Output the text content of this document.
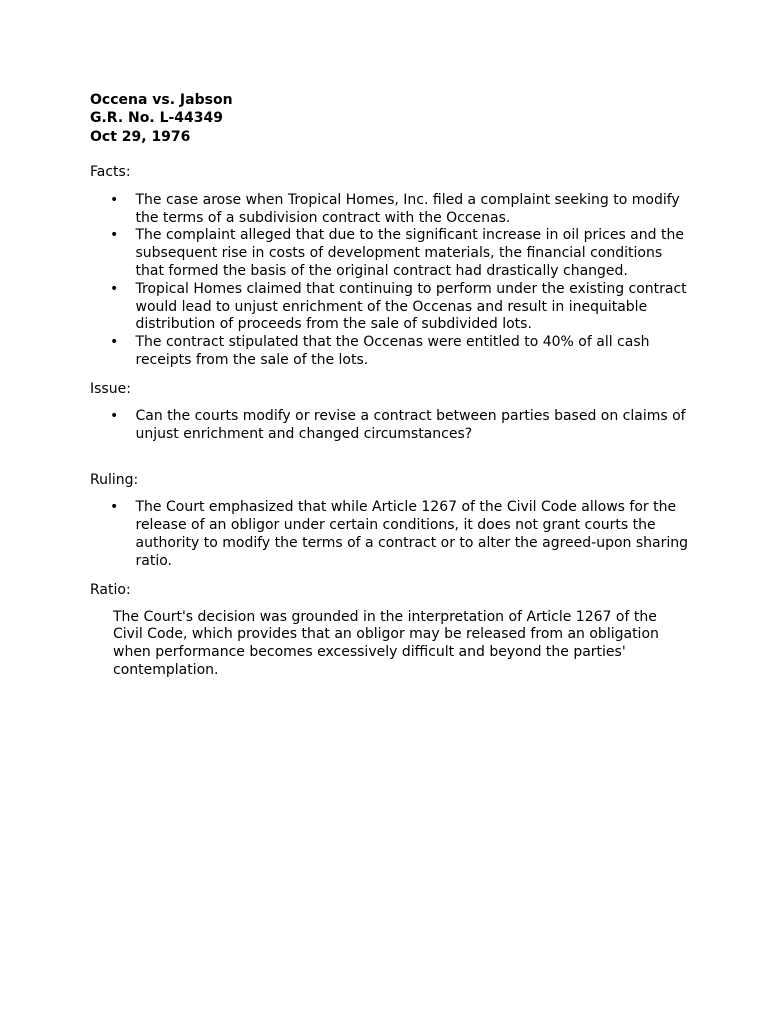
Occena vs. Jabson
G.R. No. L-44349
Oct 29, 1976
Facts:
• The case arose when Tropical Homes, Inc. filed a complaint seeking to modify the terms of a subdivision contract with the Occenas.
• The complaint alleged that due to the significant increase in oil prices and the subsequent rise in costs of development materials, the financial conditions that formed the basis of the original contract had drastically changed.
• Tropical Homes claimed that continuing to perform under the existing contract would lead to unjust enrichment of the Occenas and result in inequitable distribution of proceeds from the sale of subdivided lots.
• The contract stipulated that the Occenas were entitled to 40% of all cash receipts from the sale of the lots.
Issue:
• Can the courts modify or revise a contract between parties based on claims of unjust enrichment and changed circumstances?
Ruling:
• The Court emphasized that while Article 1267 of the Civil Code allows for the release of an obligor under certain conditions, it does not grant courts the authority to modify the terms of a contract or to alter the agreed-upon sharing ratio.
Ratio:
The Court's decision was grounded in the interpretation of Article 1267 of the Civil Code, which provides that an obligor may be released from an obligation when performance becomes excessively difficult and beyond the parties' contemplation.
